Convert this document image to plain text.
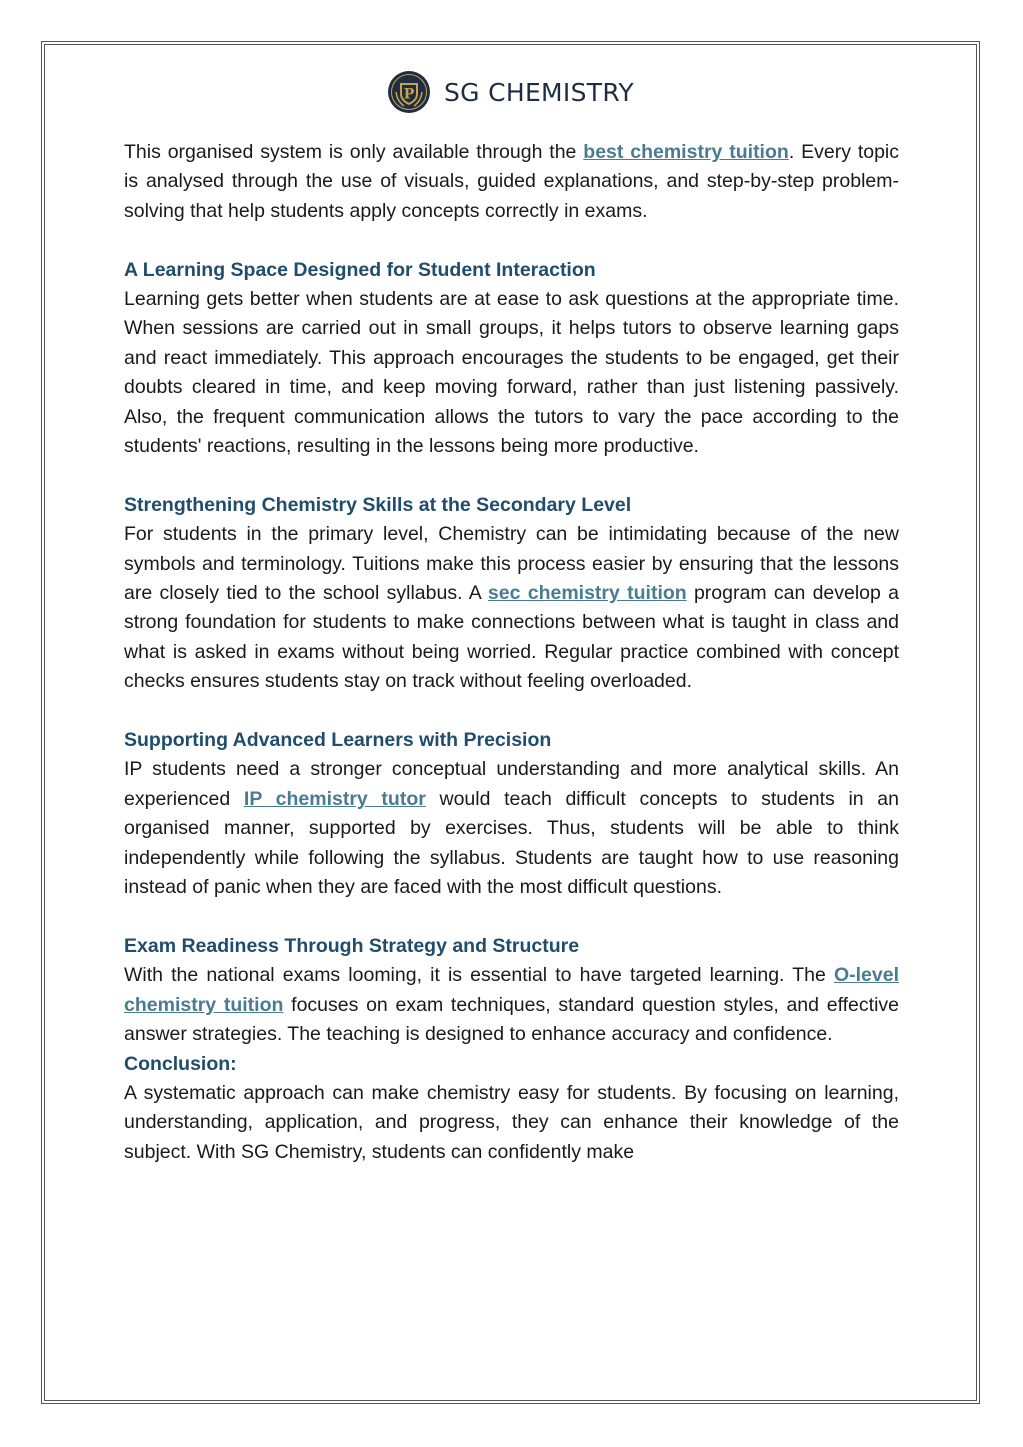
P SG CHEMISTRY

This organised system is only available through the best chemistry tuition. Every topic is analysed through the use of visuals, guided explanations, and step-by-step problem-solving that help students apply concepts correctly in exams.

A Learning Space Designed for Student Interaction

Learning gets better when students are at ease to ask questions at the appropriate time. When sessions are carried out in small groups, it helps tutors to observe learning gaps and react immediately. This approach encourages the students to be engaged, get their doubts cleared in time, and keep moving forward, rather than just listening passively. Also, the frequent communication allows the tutors to vary the pace according to the students' reactions, resulting in the lessons being more productive.

Strengthening Chemistry Skills at the Secondary Level

For students in the primary level, Chemistry can be intimidating because of the new symbols and terminology. Tuitions make this process easier by ensuring that the lessons are closely tied to the school syllabus. A sec chemistry tuition program can develop a strong foundation for students to make connections between what is taught in class and what is asked in exams without being worried. Regular practice combined with concept checks ensures students stay on track without feeling overloaded.

Supporting Advanced Learners with Precision

IP students need a stronger conceptual understanding and more analytical skills. An experienced IP chemistry tutor would teach difficult concepts to students in an organised manner, supported by exercises. Thus, students will be able to think independently while following the syllabus. Students are taught how to use reasoning instead of panic when they are faced with the most difficult questions.

Exam Readiness Through Strategy and Structure

With the national exams looming, it is essential to have targeted learning. The O-level chemistry tuition focuses on exam techniques, standard question styles, and effective answer strategies. The teaching is designed to enhance accuracy and confidence.

Conclusion:

A systematic approach can make chemistry easy for students. By focusing on learning, understanding, application, and progress, they can enhance their knowledge of the subject. With SG Chemistry, students can confidently make
